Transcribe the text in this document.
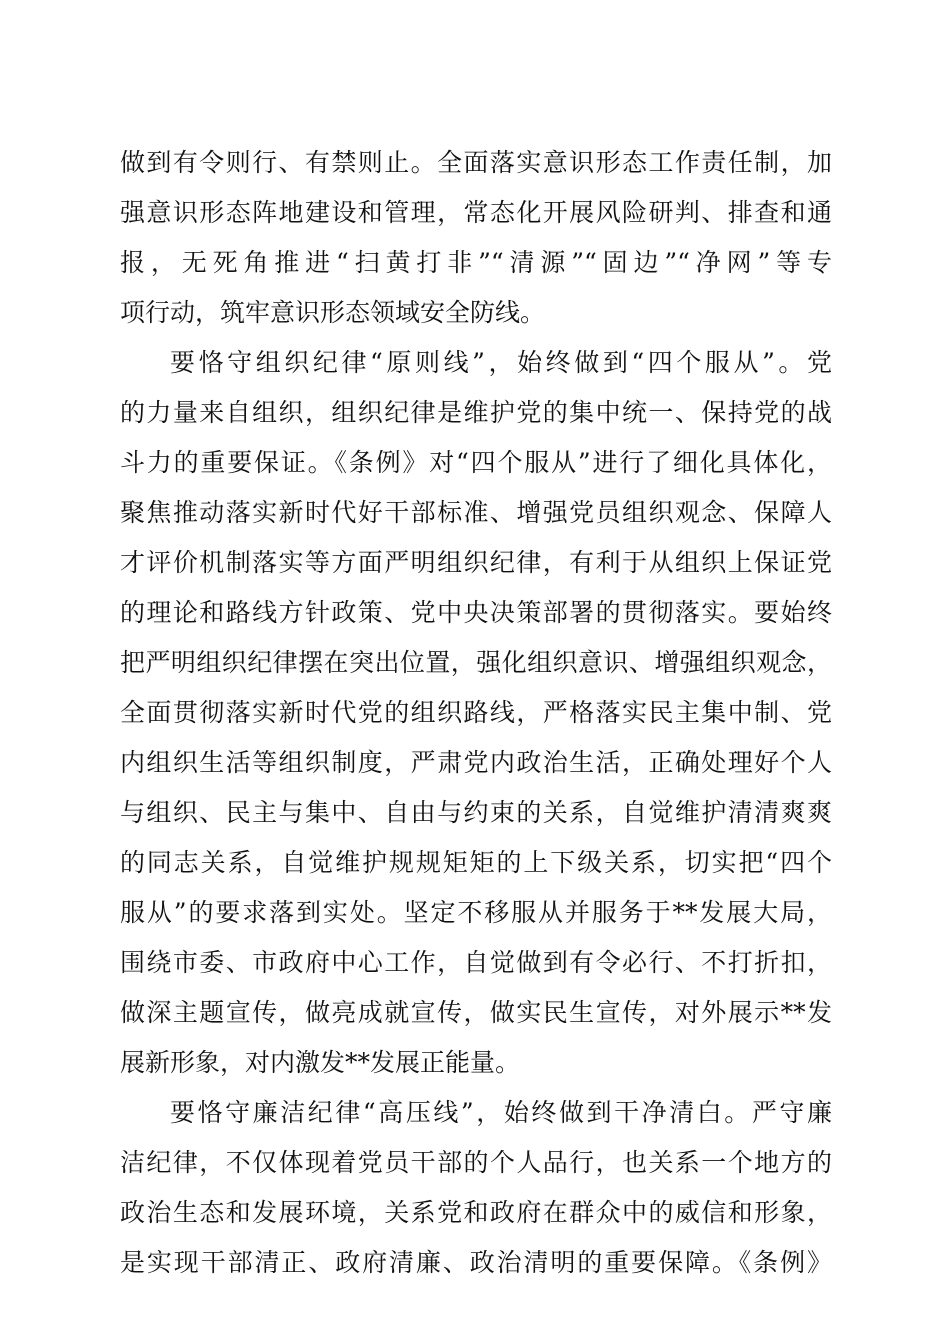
做到有令则行、有禁则止。全面落实意识形态工作责任制，加
强意识形态阵地建设和管理，常态化开展风险研判、排查和通
报，无死角推进“扫黄打非”“清源”“固边”“净网”等专
项行动，筑牢意识形态领域安全防线。
要恪守组织纪律“原则线”，始终做到“四个服从”。党
的力量来自组织，组织纪律是维护党的集中统一、保持党的战
斗力的重要保证。《条例》对“四个服从”进行了细化具体化，
聚焦推动落实新时代好干部标准、增强党员组织观念、保障人
才评价机制落实等方面严明组织纪律，有利于从组织上保证党
的理论和路线方针政策、党中央决策部署的贯彻落实。要始终
把严明组织纪律摆在突出位置，强化组织意识、增强组织观念，
全面贯彻落实新时代党的组织路线，严格落实民主集中制、党
内组织生活等组织制度，严肃党内政治生活，正确处理好个人
与组织、民主与集中、自由与约束的关系，自觉维护清清爽爽
的同志关系，自觉维护规规矩矩的上下级关系，切实把“四个
服从”的要求落到实处。坚定不移服从并服务于**发展大局，
围绕市委、市政府中心工作，自觉做到有令必行、不打折扣，
做深主题宣传，做亮成就宣传，做实民生宣传，对外展示**发
展新形象，对内激发**发展正能量。
要恪守廉洁纪律“高压线”，始终做到干净清白。严守廉
洁纪律，不仅体现着党员干部的个人品行，也关系一个地方的
政治生态和发展环境，关系党和政府在群众中的威信和形象，
是实现干部清正、政府清廉、政治清明的重要保障。《条例》
